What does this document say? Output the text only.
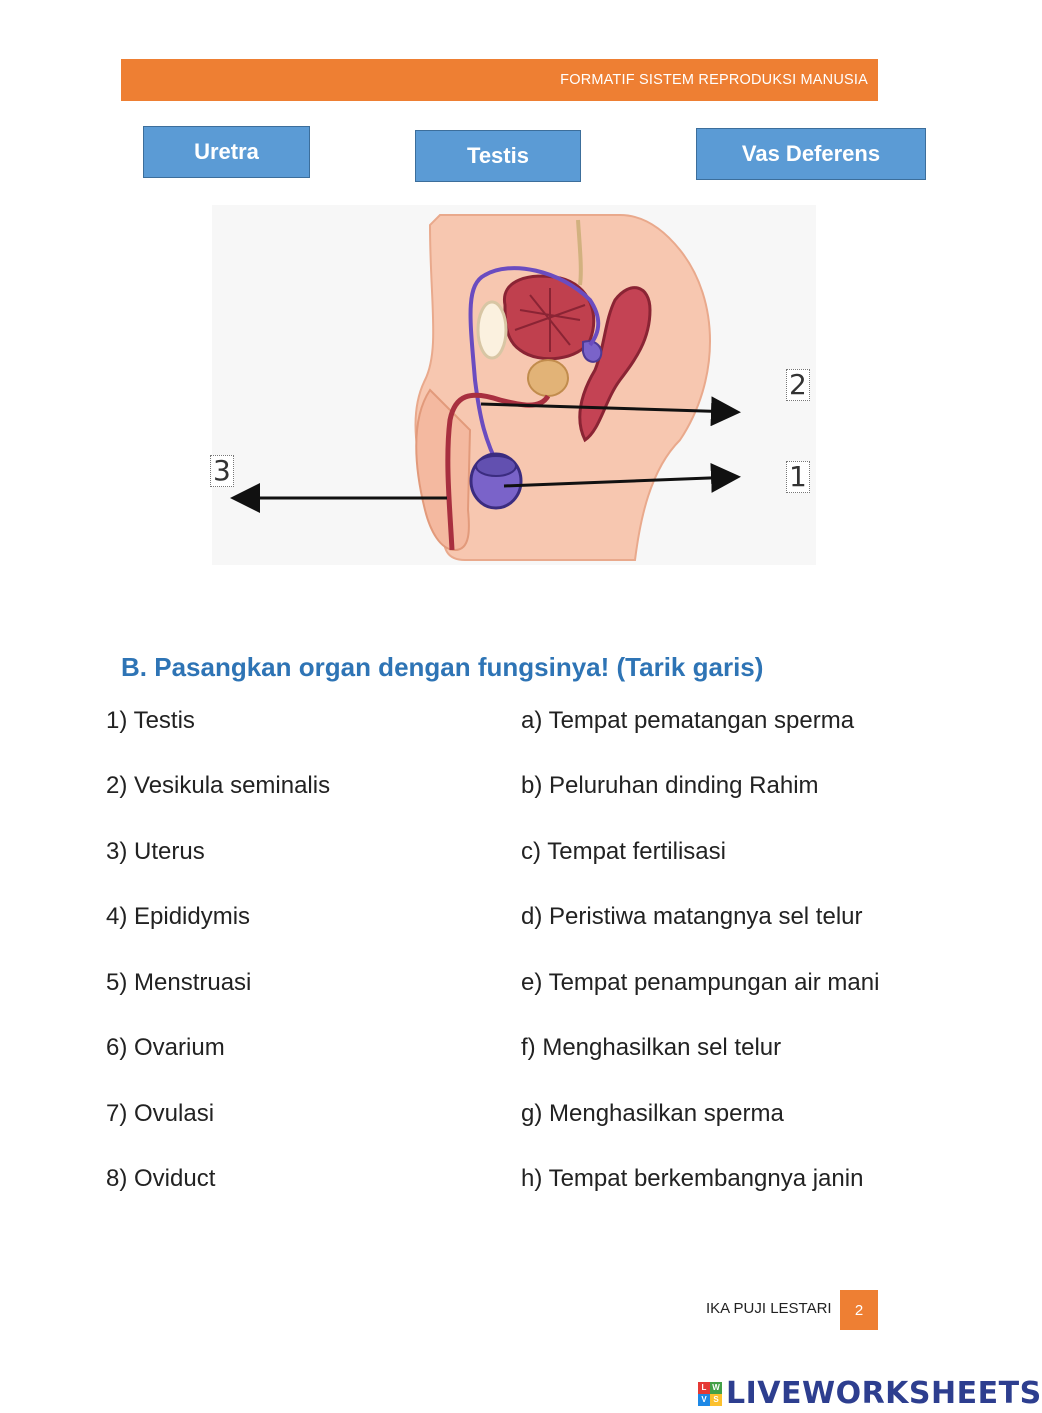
FORMATIF SISTEM REPRODUKSI MANUSIA
Uretra	Testis	Vas Deferens
1
2
3
B. Pasangkan organ dengan fungsinya! (Tarik garis)
1) Testis
2) Vesikula seminalis
3) Uterus
4) Epididymis
5) Menstruasi
6) Ovarium
7) Ovulasi
8) Oviduct
a) Tempat pematangan sperma
b) Peluruhan dinding Rahim
c) Tempat fertilisasi
d) Peristiwa matangnya sel telur
e) Tempat penampungan air mani
f) Menghasilkan sel telur
g) Menghasilkan sperma
h) Tempat berkembangnya janin
IKA PUJI LESTARI	2
L W
V S LIVEWORKSHEETS
